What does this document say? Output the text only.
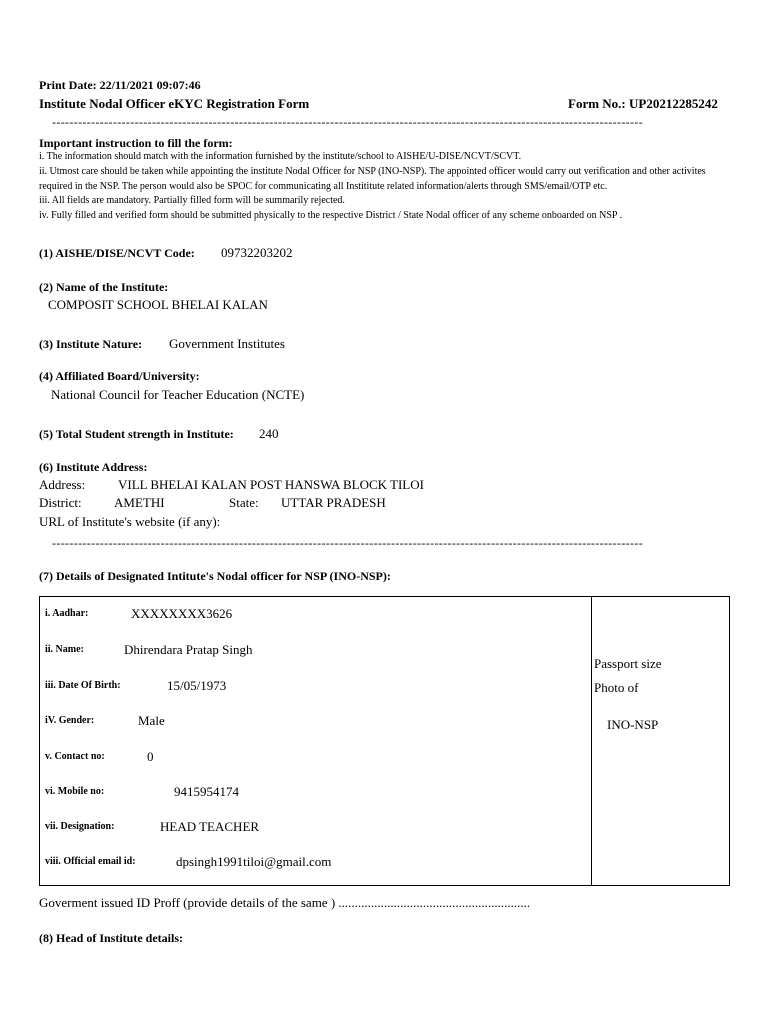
Print Date: 22/11/2021 09:07:46
Institute Nodal Officer eKYC Registration Form	Form No.: UP20212285242
----------------------------------------------------------------------------------------------------------------------------------------
Important instruction to fill the form:
i. The information should match with the information furnished by the institute/school to AISHE/U-DISE/NCVT/SCVT.
ii. Utmost care should be taken while appointing the institute Nodal Officer for NSP (INO-NSP). The appointed officer would carry out verification and other activites
required in the NSP. The person would also be SPOC for communicating all Instititute related information/alerts through SMS/email/OTP etc.
iii. All fields are mandatory. Partially filled form will be summarily rejected.
iv. Fully filled and verified form should be submitted physically to the respective District / State Nodal officer of any scheme onboarded on NSP .
(1) AISHE/DISE/NCVT Code: 09732203202
(2) Name of the Institute:
COMPOSIT SCHOOL BHELAI KALAN
(3) Institute Nature: Government Institutes
(4) Affiliated Board/University:
National Council for Teacher Education (NCTE)
(5) Total Student strength in Institute: 240
(6) Institute Address:
Address:	VILL BHELAI KALAN POST HANSWA BLOCK TILOI
District: AMETHI	State: UTTAR PRADESH
URL of Institute's website (if any):
----------------------------------------------------------------------------------------------------------------------------------------
(7) Details of Designated Intitute's Nodal officer for NSP (INO-NSP):
i. Aadhar:	XXXXXXXX3626
ii. Name:	Dhirendara Pratap Singh
iii. Date Of Birth:	15/05/1973
iV. Gender:	Male
v. Contact no:	0
vi. Mobile no:	9415954174
vii. Designation:	HEAD TEACHER
viii. Official email id:	dpsingh1991tiloi@gmail.com
Passport size
Photo of
INO-NSP
Goverment issued ID Proff (provide details of the same ) ...........................................................
(8) Head of Institute details:
